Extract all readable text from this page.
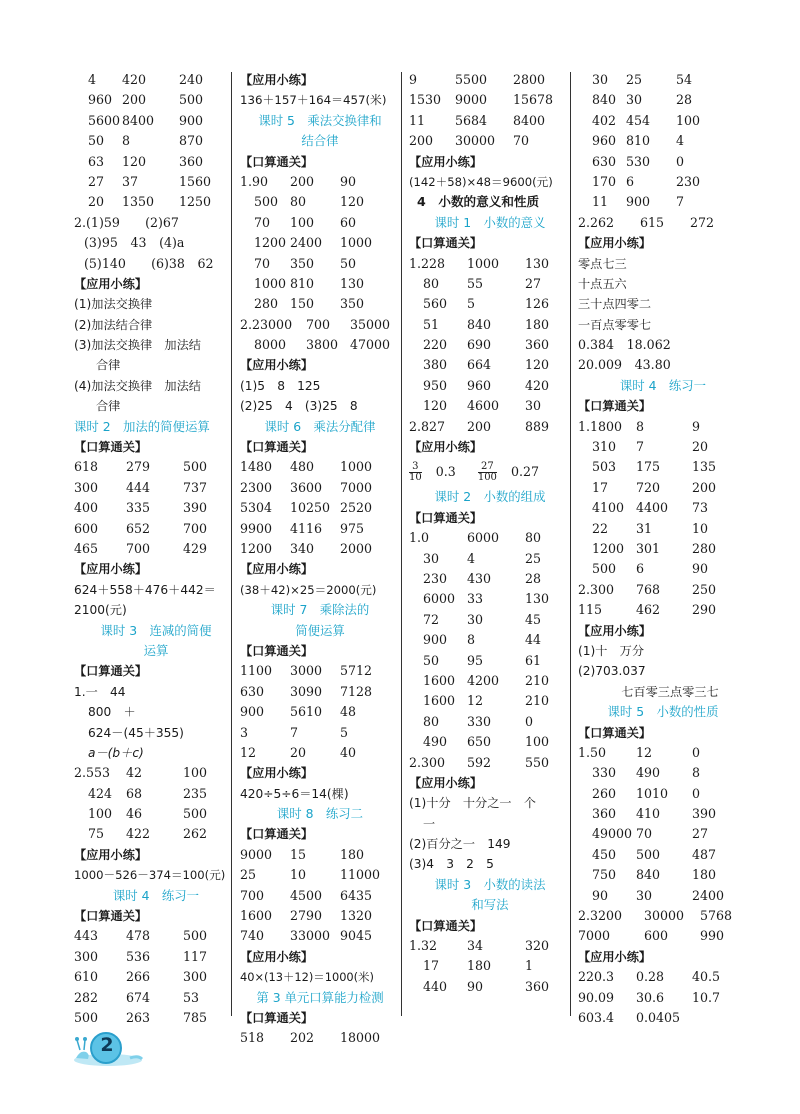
4 420	240
960 200	500
5600 8400 900
50 8	870
63 120	360
27 37	1560
20 1350 1250
2.(1)59　　(2)67
(3)95　43　(4)a
(5)140　　(6)38　62
【应用小练】
(1)加法交换律
(2)加法结合律
(3)加法交换律　加法结
合律
(4)加法交换律　加法结
合律
课时 2　加法的简便运算
【口算通关】
618 279	500
300 444	737
400 335	390
600 652	700
465 700	429
【应用小练】
624＋558＋476＋442＝
2100(元)
课时 3　连减的简便
运算
【口算通关】
1.一　44
800　＋
624－(45＋355)
a－(b＋c)
2.553 42	100
424 68	235
100 46	500
75 422	262
【应用小练】
1000－526－374＝100(元)
课时 4　练习一
【口算通关】
443 478	500
300 536	117
610 266	300
282 674	53
500 263	785
【应用小练】
136＋157＋164＝457(米)
课时 5　乘法交换律和
结合律
【口算通关】
1.90 200 90
500 80	120
70 100 60
1200 2400 1000
70 350 50
1000 810 130
280 150 350
2.23000 700 35000
8000 3800 47000
【应用小练】
(1)5　8　125
(2)25　4　(3)25　8
课时 6　乘法分配律
【口算通关】
1480 480 1000
2300 3600 7000
5304 10250 2520
9900 4116 975
1200 340 2000
【应用小练】
(38＋42)×25＝2000(元)
课时 7　乘除法的
简便运算
【口算通关】
1100 3000 5712
630 3090 7128
900 5610 48
3	7	5
12	20	40
【应用小练】
420÷5÷6＝14(棵)
课时 8　练习二
【口算通关】
9000 15	180
25	10	11000
700 4500 6435
1600 2790 1320
740 33000 9045
【应用小练】
40×(13＋12)＝1000(米)
第 3 单元口算能力检测
【口算通关】
518 202 18000
9	5500 2800
1530 9000 15678
11 5684 8400
200 30000 70
【应用小练】
(142＋58)×48＝9600(元)
4　小数的意义和性质
课时 1　小数的意义
【口算通关】
1.228 1000 130
80 55	27
560 5	126
51 840	180
220 690	360
380 664	120
950 960	420
120 4600 30
2.827 200	889
【应用小练】
$\frac{3}{10} 0.3 \frac{27}{100} 0.27$
课时 2　小数的组成
【口算通关】
1.0	6000 80
30 4	25
230 430	28
6000 33	130
72 30	45
900 8	44
50 95	61
1600 4200 210
1600 12	210
80 330	0
490 650	100
2.300 592	550
【应用小练】
(1)十分　十分之一　个
一
(2)百分之一　149
(3)4　3　2　5
课时 3　小数的读法
和写法
【口算通关】
1.32 34	320
17 180	1
440 90	360
30 25	54
840 30	28
402 454 100
960 810 4
630 530 0
170 6	230
11 900 7
2.262 615 272
【应用小练】
零点七三
十点五六
三十点四零二
一百点零零七
0.384　18.062
20.009　43.80
课时 4　练习一
【口算通关】
1.1800 8	9
310 7	20
503 175	135
17 720	200
4100 4400 73
22 31	10
1200 301	280
500 6	90
2.300 768	250
115	462	290
【应用小练】
(1)十　万分
(2)703.037
七百零三点零三七
课时 5　小数的性质
【口算通关】
1.50 12	0
330 490	8
260 1010 0
360 410	390
49000 70	27
450 500	487
750 840	180
90 30	2400
2.3200 30000 5768
7000	600	990
【应用小练】
220.3 0.28 40.5
90.09 30.6 10.7
603.4 0.0405
2
